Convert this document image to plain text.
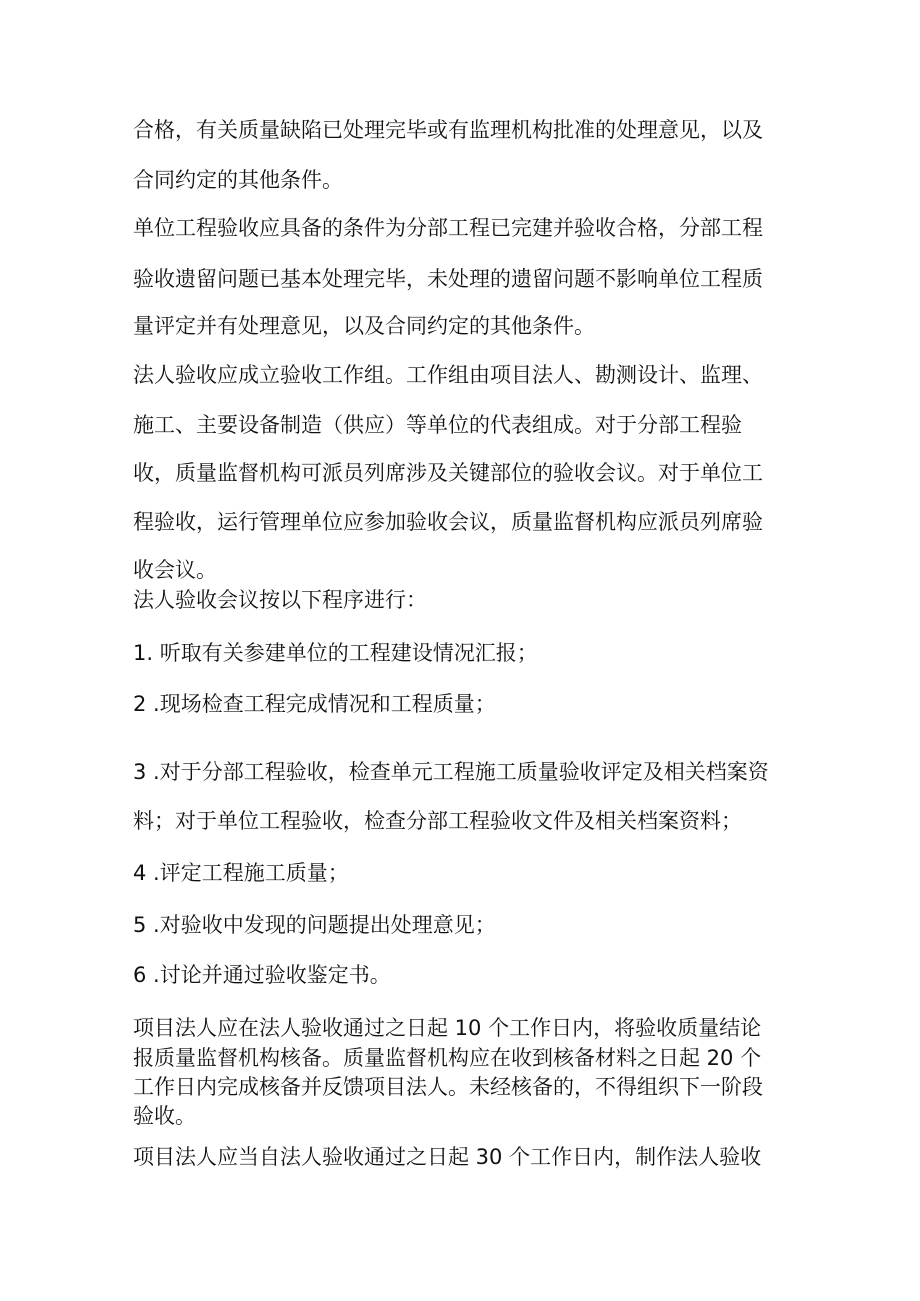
合格，有关质量缺陷已处理完毕或有监理机构批准的处理意见，以及
合同约定的其他条件。
单位工程验收应具备的条件为分部工程已完建并验收合格，分部工程
验收遗留问题已基本处理完毕，未处理的遗留问题不影响单位工程质
量评定并有处理意见，以及合同约定的其他条件。
法人验收应成立验收工作组。工作组由项目法人、勘测设计、监理、
施工、主要设备制造（供应）等单位的代表组成。对于分部工程验
收，质量监督机构可派员列席涉及关键部位的验收会议。对于单位工
程验收，运行管理单位应参加验收会议，质量监督机构应派员列席验
收会议。
法人验收会议按以下程序进行：
1. 听取有关参建单位的工程建设情况汇报；
2 .现场检查工程完成情况和工程质量；
3 .对于分部工程验收，检查单元工程施工质量验收评定及相关档案资
料；对于单位工程验收，检查分部工程验收文件及相关档案资料；
4 .评定工程施工质量；
5 .对验收中发现的问题提出处理意见；
6 .讨论并通过验收鉴定书。
项目法人应在法人验收通过之日起 10 个工作日内，将验收质量结论
报质量监督机构核备。质量监督机构应在收到核备材料之日起 20 个
工作日内完成核备并反馈项目法人。未经核备的，不得组织下一阶段
验收。
项目法人应当自法人验收通过之日起 30 个工作日内，制作法人验收
